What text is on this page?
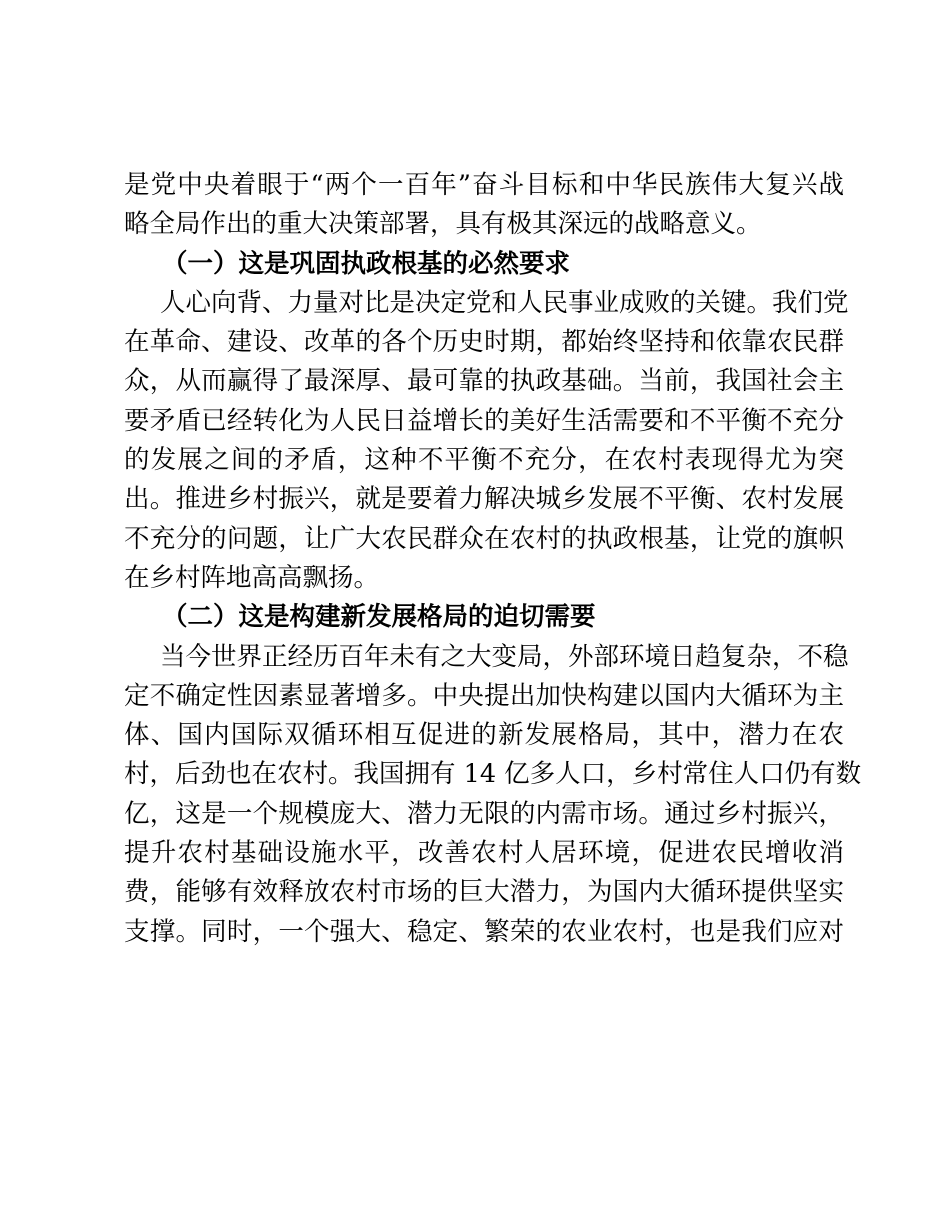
是党中央着眼于“两个一百年”奋斗目标和中华民族伟大复兴战
略全局作出的重大决策部署，具有极其深远的战略意义。
（一）这是巩固执政根基的必然要求
人心向背、力量对比是决定党和人民事业成败的关键。我们党
在革命、建设、改革的各个历史时期，都始终坚持和依靠农民群
众，从而赢得了最深厚、最可靠的执政基础。当前，我国社会主
要矛盾已经转化为人民日益增长的美好生活需要和不平衡不充分
的发展之间的矛盾，这种不平衡不充分，在农村表现得尤为突
出。推进乡村振兴，就是要着力解决城乡发展不平衡、农村发展
不充分的问题，让广大农民群众在农村的执政根基，让党的旗帜
在乡村阵地高高飘扬。
（二）这是构建新发展格局的迫切需要
当今世界正经历百年未有之大变局，外部环境日趋复杂，不稳
定不确定性因素显著增多。中央提出加快构建以国内大循环为主
体、国内国际双循环相互促进的新发展格局，其中，潜力在农
村，后劲也在农村。我国拥有 14 亿多人口，乡村常住人口仍有数
亿，这是一个规模庞大、潜力无限的内需市场。通过乡村振兴，
提升农村基础设施水平，改善农村人居环境，促进农民增收消
费，能够有效释放农村市场的巨大潜力，为国内大循环提供坚实
支撑。同时，一个强大、稳定、繁荣的农业农村，也是我们应对
